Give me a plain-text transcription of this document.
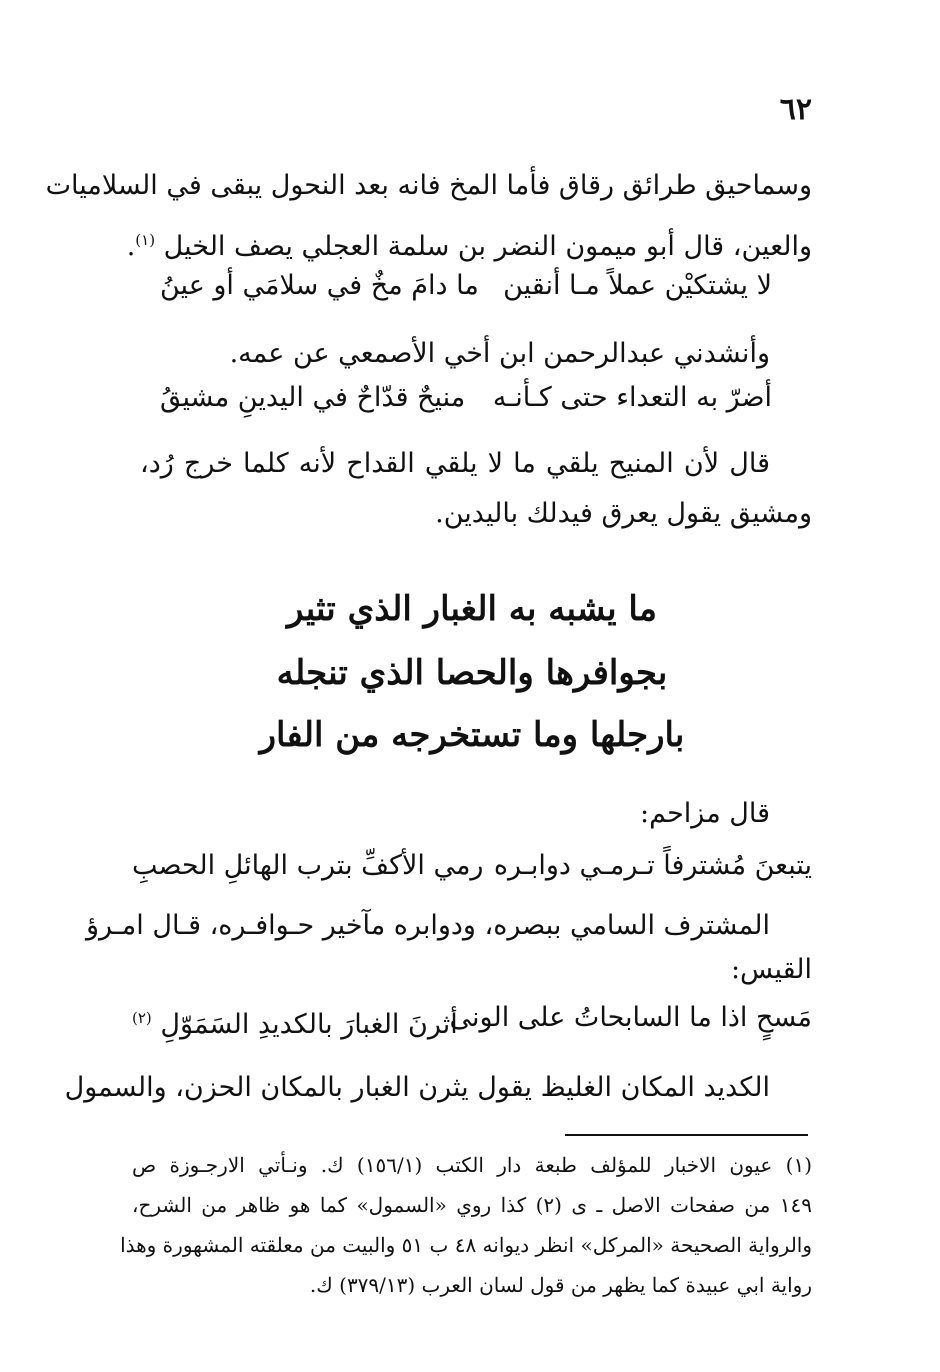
٦٢
وسماحيق طرائق رقاق فأما المخ فانه بعد النحول يبقى في السلاميات
والعين، قال أبو ميمون النضر بن سلمة العجلي يصف الخيل $^{(١)}$.
لا يشتكيْن عملاً مـا أنقين
ما دامَ مخٌ في سلامَي أو عينُ
وأنشدني عبدالرحمن ابن أخي الأصمعي عن عمه.
أضرّ به التعداء حتى كـأنـه
منيحٌ قدّاحٌ في اليدينِ مشيقُ
قال لأن المنيح يلقي ما لا يلقي القداح لأنه كلما خرج رُد،
ومشيق يقول يعرق فيدلك باليدين.
ما يشبه به الغبار الذي تثير
بجوافرها والحصا الذي تنجله
بارجلها وما تستخرجه من الفار
قال مزاحم:
يتبعنَ مُشترفاً تـرمـي دوابـره
رمي الأكفِّ بترب الهائلِ الحصبِ
المشترف السامي ببصره، ودوابره مآخير حـوافـره، قـال امـرؤ
القيس:
مَسحٍ اذا ما السابحاتُ على الونى
أثرنَ الغبارَ بالكديدِ السَمَوّلِ $^{(٢)}$
الكديد المكان الغليظ يقول يثرن الغبار بالمكان الحزن، والسمول
(١) عيون الاخبار للمؤلف طبعة دار الكتب (١٥٦/١) ك. ونـأتي الارجـوزة ص
١٤٩ من صفحات الاصل ـ ى (٢) كذا روي «السمول» كما هو ظاهر من الشرح،
والرواية الصحيحة «المركل» انظر ديوانه ٤٨ ب ٥١ والبيت من معلقته المشهورة وهذا
رواية ابي عبيدة كما يظهر من قول لسان العرب (٣٧٩/١٣) ك.
